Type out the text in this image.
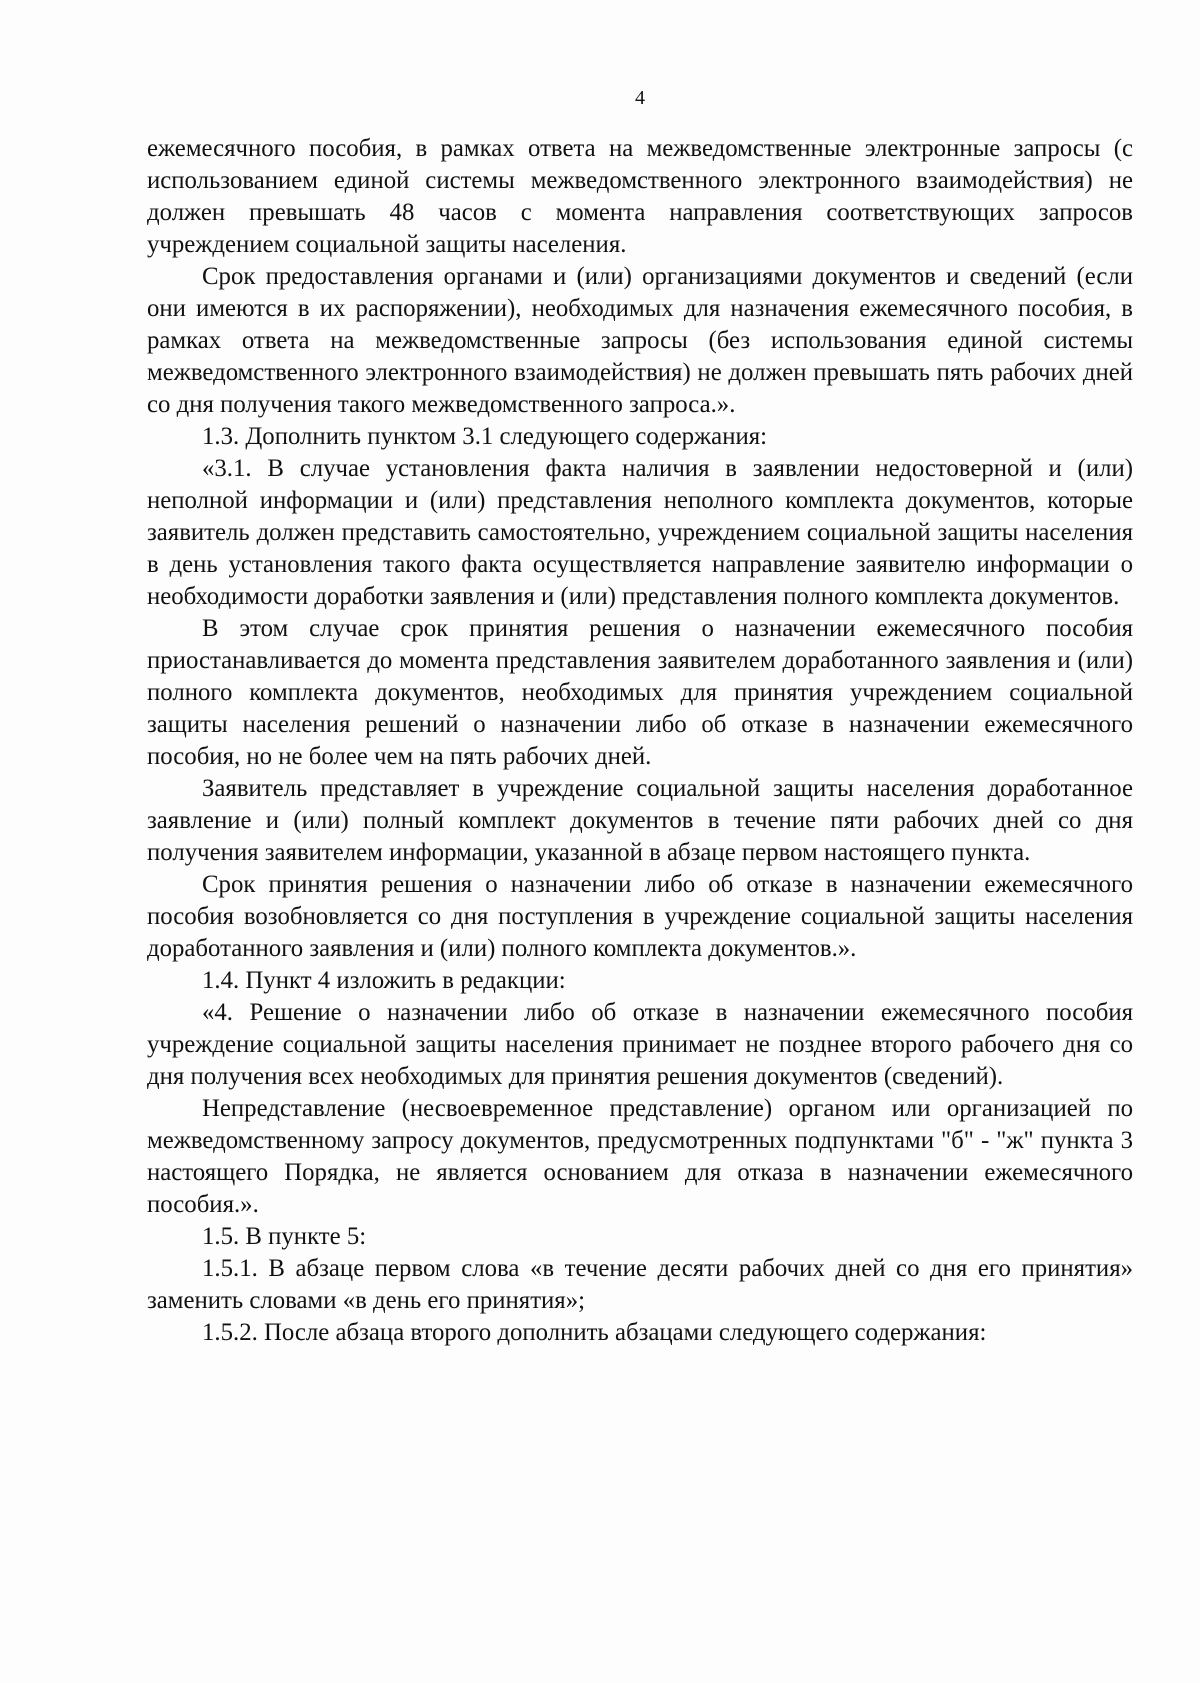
4

ежемесячного пособия, в рамках ответа на межведомственные электронные запросы (с использованием единой системы межведомственного электронного взаимодействия) не должен превышать 48 часов с момента направления соответствующих запросов учреждением социальной защиты населения.

Срок предоставления органами и (или) организациями документов и сведений (если они имеются в их распоряжении), необходимых для назначения ежемесячного пособия, в рамках ответа на межведомственные запросы (без использования единой системы межведомственного электронного взаимодействия) не должен превышать пять рабочих дней со дня получения такого межведомственного запроса.».

1.3. Дополнить пунктом 3.1 следующего содержания:

«3.1. В случае установления факта наличия в заявлении недостоверной и (или) неполной информации и (или) представления неполного комплекта документов, которые заявитель должен представить самостоятельно, учреждением социальной защиты населения в день установления такого факта осуществляется направление заявителю информации о необходимости доработки заявления и (или) представления полного комплекта документов.

В этом случае срок принятия решения о назначении ежемесячного пособия приостанавливается до момента представления заявителем доработанного заявления и (или) полного комплекта документов, необходимых для принятия учреждением социальной защиты населения решений о назначении либо об отказе в назначении ежемесячного пособия, но не более чем на пять рабочих дней.

Заявитель представляет в учреждение социальной защиты населения доработанное заявление и (или) полный комплект документов в течение пяти рабочих дней со дня получения заявителем информации, указанной в абзаце первом настоящего пункта.

Срок принятия решения о назначении либо об отказе в назначении ежемесячного пособия возобновляется со дня поступления в учреждение социальной защиты населения доработанного заявления и (или) полного комплекта документов.».

1.4. Пункт 4 изложить в редакции:

«4. Решение о назначении либо об отказе в назначении ежемесячного пособия учреждение социальной защиты населения принимает не позднее второго рабочего дня со дня получения всех необходимых для принятия решения документов (сведений).

Непредставление (несвоевременное представление) органом или организацией по межведомственному запросу документов, предусмотренных подпунктами "б" - "ж" пункта 3 настоящего Порядка, не является основанием для отказа в назначении ежемесячного пособия.».

1.5. В пункте 5:

1.5.1. В абзаце первом слова «в течение десяти рабочих дней со дня его принятия» заменить словами «в день его принятия»;

1.5.2. После абзаца второго дополнить абзацами следующего содержания:
